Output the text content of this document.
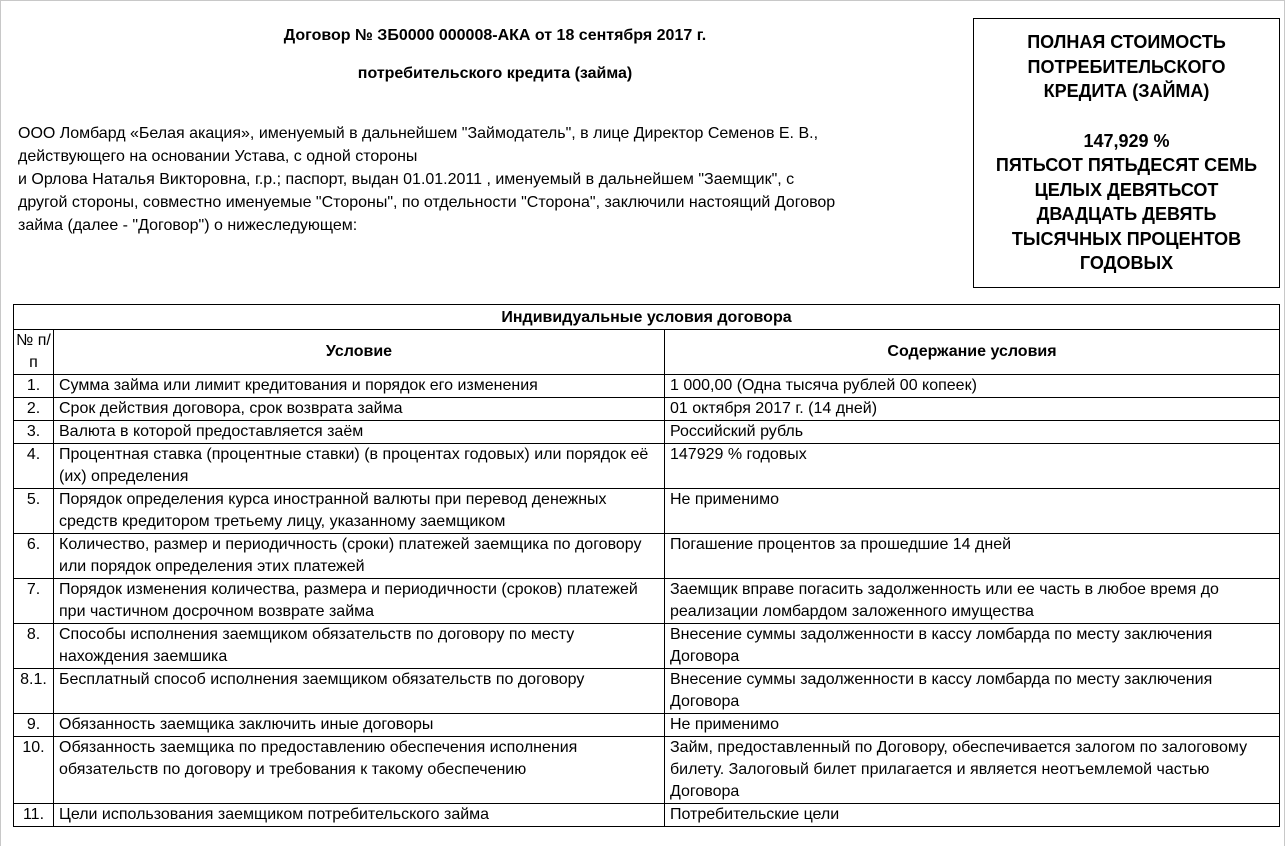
Договор № ЗБ0000 000008-АКА от 18 сентября 2017 г.
потребительского кредита (займа)
ООО Ломбард «Белая акация», именуемый в дальнейшем "Займодатель", в лице Директор Семенов Е. В.,
действующего на основании Устава, с одной стороны
и Орлова Наталья Викторовна, г.р.; паспорт, выдан 01.01.2011 , именуемый в дальнейшем "Заемщик", с
другой стороны, совместно именуемые "Стороны", по отдельности "Сторона", заключили настоящий Договор
займа (далее - "Договор") о нижеследующем:
ПОЛНАЯ СТОИМОСТЬ
ПОТРЕБИТЕЛЬСКОГО
КРЕДИТА (ЗАЙМА)
147,929 %
ПЯТЬСОТ ПЯТЬДЕСЯТ СЕМЬ
ЦЕЛЫХ ДЕВЯТЬСОТ
ДВАДЦАТЬ ДЕВЯТЬ
ТЫСЯЧНЫХ ПРОЦЕНТОВ
ГОДОВЫХ
Индивидуальные условия договора		
№ п/п	Условие	Содержание условия
1.	Сумма займа или лимит кредитования и порядок его изменения	1 000,00 (Одна тысяча рублей 00 копеек)
2.	Срок действия договора, срок возврата займа	01 октября 2017 г. (14 дней)
3.	Валюта в которой предоставляется заём	Российский рубль
4.	Процентная ставка (процентные ставки) (в процентах годовых) или порядок её (их) определения	147929 % годовых
5.	Порядок определения курса иностранной валюты при перевод денежных средств кредитором третьему лицу, указанному заемщиком	Не применимо
6.	Количество, размер и периодичность (сроки) платежей заемщика по договору или порядок определения этих платежей	Погашение процентов за прошедшие 14 дней
7.	Порядок изменения количества, размера и периодичности (сроков) платежей при частичном досрочном возврате займа	Заемщик вправе погасить задолженность или ее часть в любое время до реализации ломбардом заложенного имущества
8.	Способы исполнения заемщиком обязательств по договору по месту нахождения заемшика	Внесение суммы задолженности в кассу ломбарда по месту заключения Договора
8.1.	Бесплатный способ исполнения заемщиком обязательств по договору	Внесение суммы задолженности в кассу ломбарда по месту заключения Договора
9.	Обязанность заемщика заключить иные договоры	Не применимо
10.	Обязанность заемщика по предоставлению обеспечения исполнения обязательств по договору и требования к такому обеспечению	Займ, предоставленный по Договору, обеспечивается залогом по залоговому билету. Залоговый билет прилагается и является неотъемлемой частью Договора
11.	Цели использования заемщиком потребительского займа	Потребительские цели
